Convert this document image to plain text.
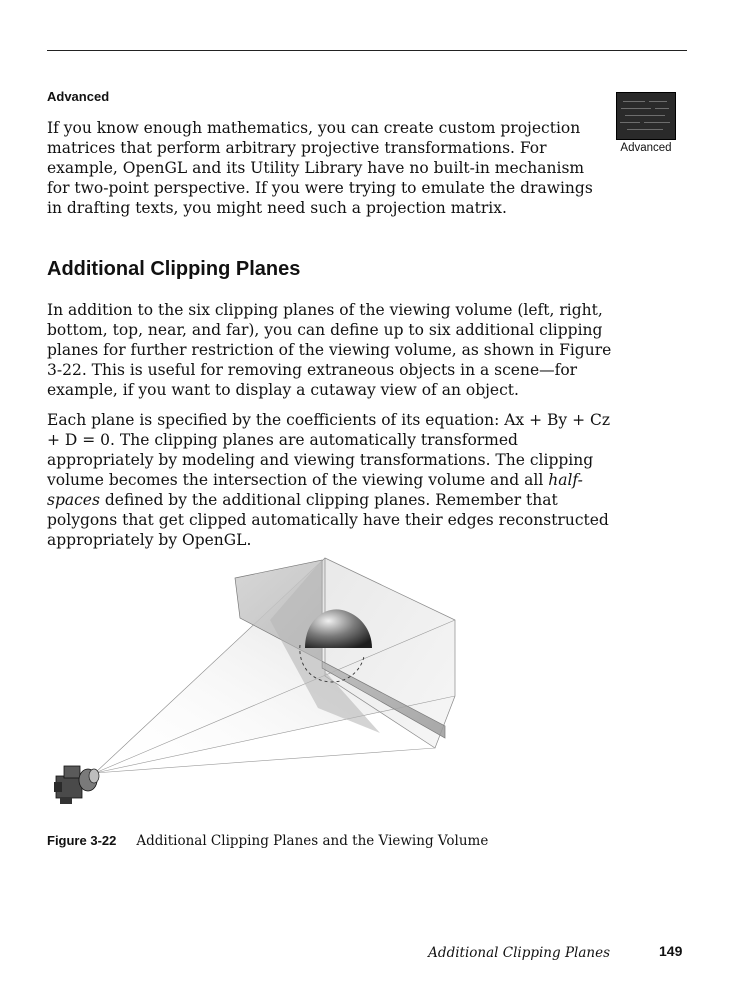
Advanced
Advanced

If you know enough mathematics, you can create custom projection matrices that perform arbitrary projective transformations. For example, OpenGL and its Utility Library have no built-in mechanism for two-point perspective. If you were trying to emulate the drawings in drafting texts, you might need such a projection matrix.

Additional Clipping Planes

In addition to the six clipping planes of the viewing volume (left, right, bottom, top, near, and far), you can define up to six additional clipping planes for further restriction of the viewing volume, as shown in Figure 3-22. This is useful for removing extraneous objects in a scene—for example, if you want to display a cutaway view of an object.

Each plane is specified by the coefficients of its equation: Ax + By + Cz + D = 0. The clipping planes are automatically transformed appropriately by modeling and viewing transformations. The clipping volume becomes the intersection of the viewing volume and all half-spaces defined by the additional clipping planes. Remember that polygons that get clipped automatically have their edges reconstructed appropriately by OpenGL.

Figure 3-22 Additional Clipping Planes and the Viewing Volume
Additional Clipping Planes	149
